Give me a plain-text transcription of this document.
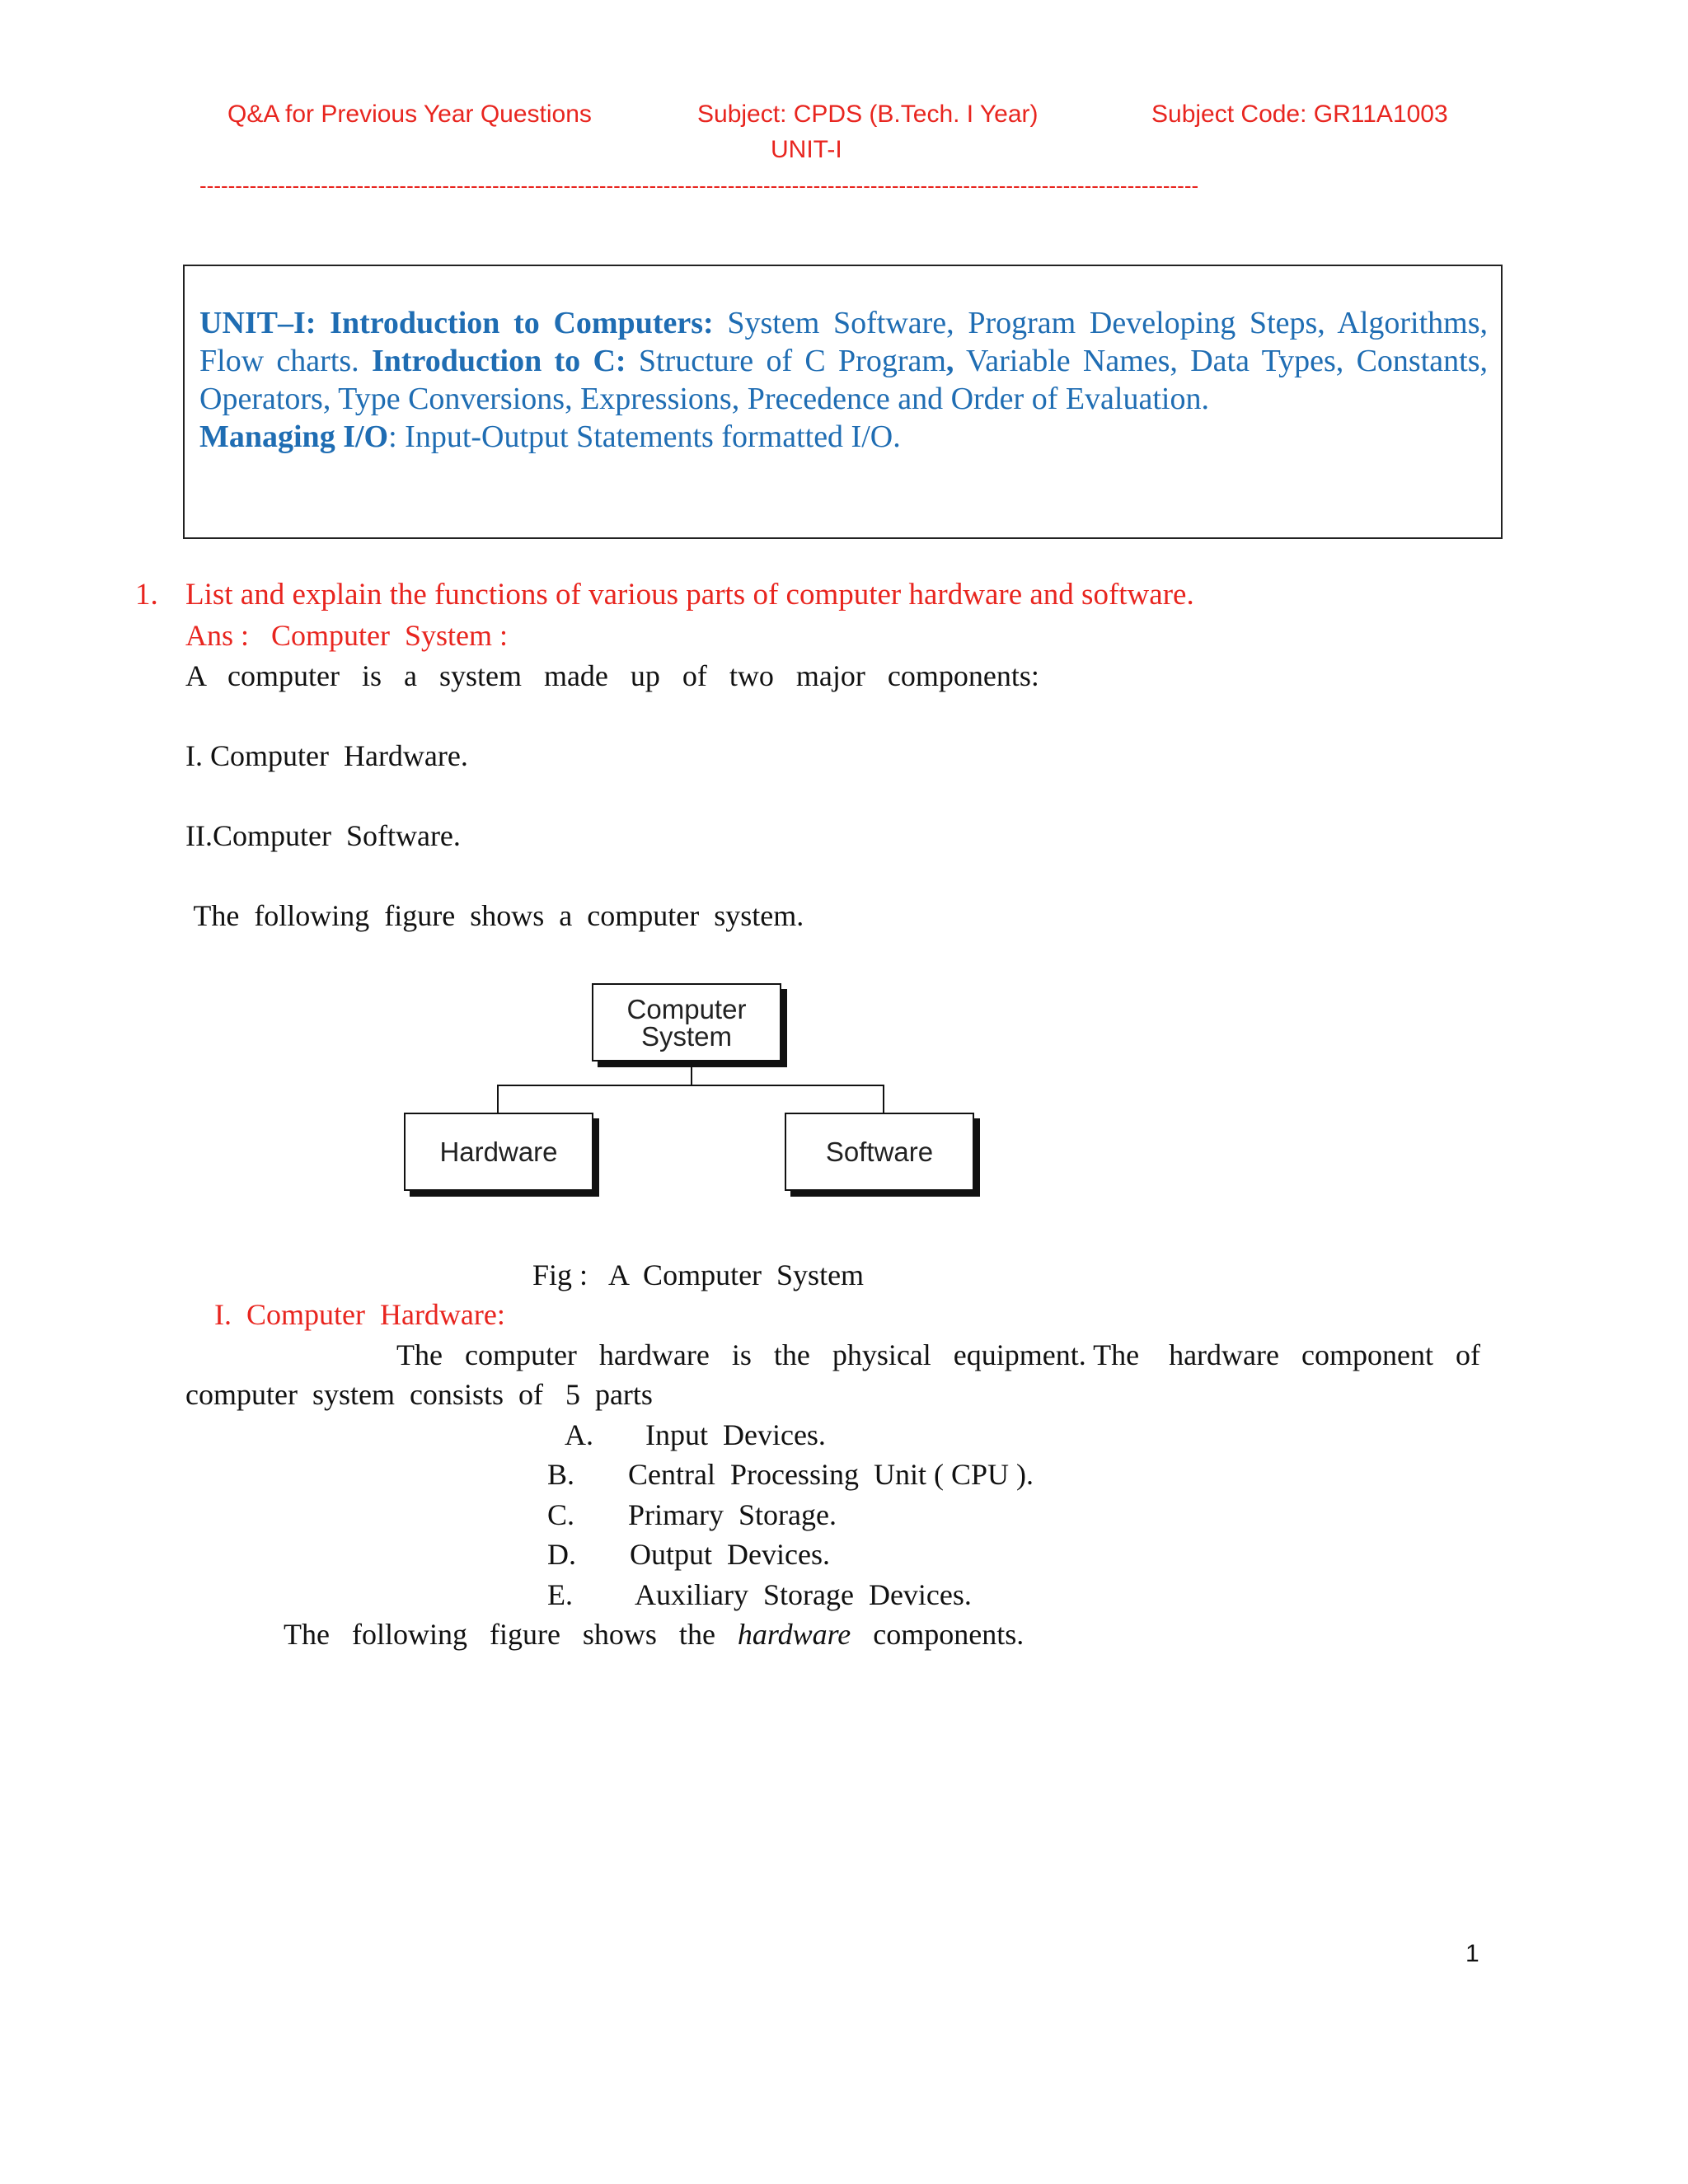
Q&A for Previous Year Questions	Subject: CPDS (B.Tech. I Year)	Subject Code: GR11A1003
UNIT-I
--------------------------------------------------------------------------------------------------------------------------------------------
UNIT–I: Introduction to Computers: System Software, Program Developing Steps, Algorithms, Flow charts. Introduction to C: Structure of C Program, Variable Names, Data Types, Constants, Operators, Type Conversions, Expressions, Precedence and Order of Evaluation.
Managing I/O: Input-Output Statements formatted I/O.
1. List and explain the functions of various parts of computer hardware and software.
Ans :   Computer  System :
A   computer   is   a   system   made   up   of   two   major   components:
I. Computer  Hardware.
II.Computer  Software.
The  following  figure  shows  a  computer  system.
Computer
System
Hardware	Software
Fig :   A  Computer  System
I.  Computer  Hardware:
The   computer   hardware   is   the   physical   equipment. The    hardware   component   of
computer  system  consists  of   5  parts
A. Input  Devices.
B. Central  Processing  Unit ( CPU ).
C. Primary  Storage.
D. Output  Devices.
E. Auxiliary  Storage  Devices.
The   following   figure   shows   the   hardware   components.
1
